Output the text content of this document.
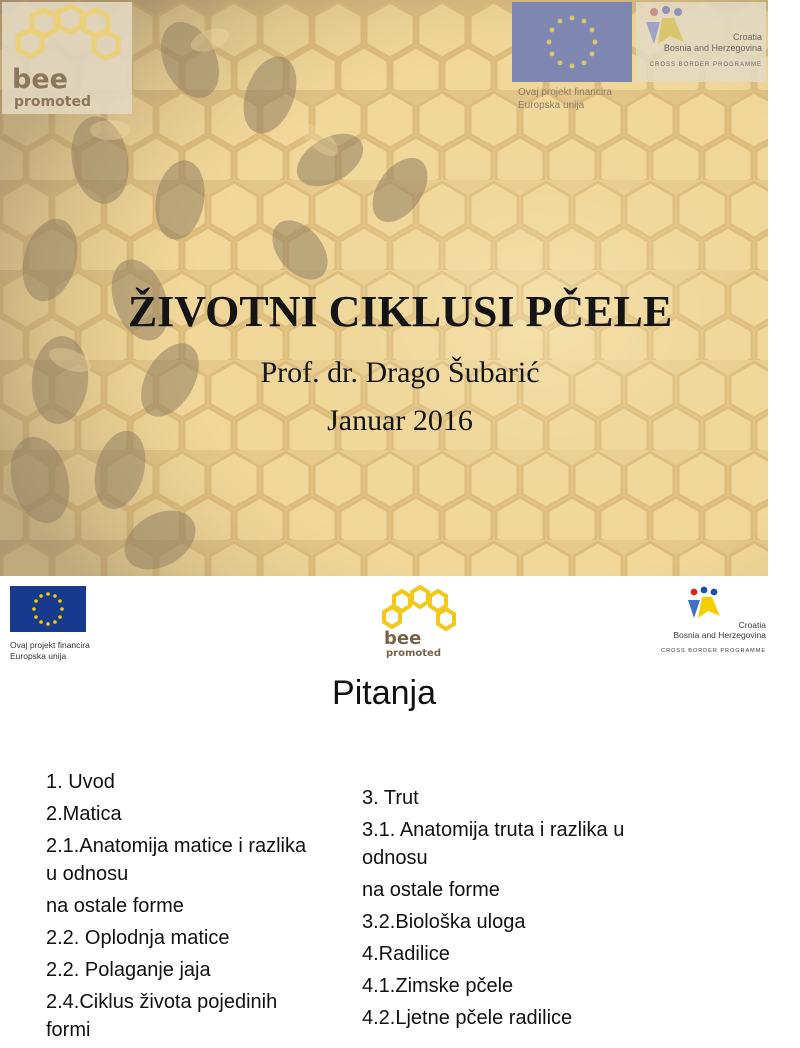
bee
promoted
Ovaj projekt financira
Europska unija
Croatia
Bosnia and Herzegovina
CROSS BORDER PROGRAMME
ŽIVOTNI CIKLUSI PČELE
Prof. dr. Drago Šubarić
Januar 2016
Ovaj projekt financira
Europska unija
bee
promoted
Croatia
Bosnia and Herzegovina
CROSS BORDER PROGRAMME
Pitanja
1. Uvod
2.Matica
2.1.Anatomija matice i razlika u odnosu
na ostale forme
2.2. Oplodnja matice
2.2. Polaganje jaja
2.4.Ciklus života pojedinih formi
3. Trut
3.1. Anatomija truta i razlika u odnosu
na ostale forme
3.2.Biološka uloga
4.Radilice
4.1.Zimske pčele
4.2.Ljetne pčele radilice
